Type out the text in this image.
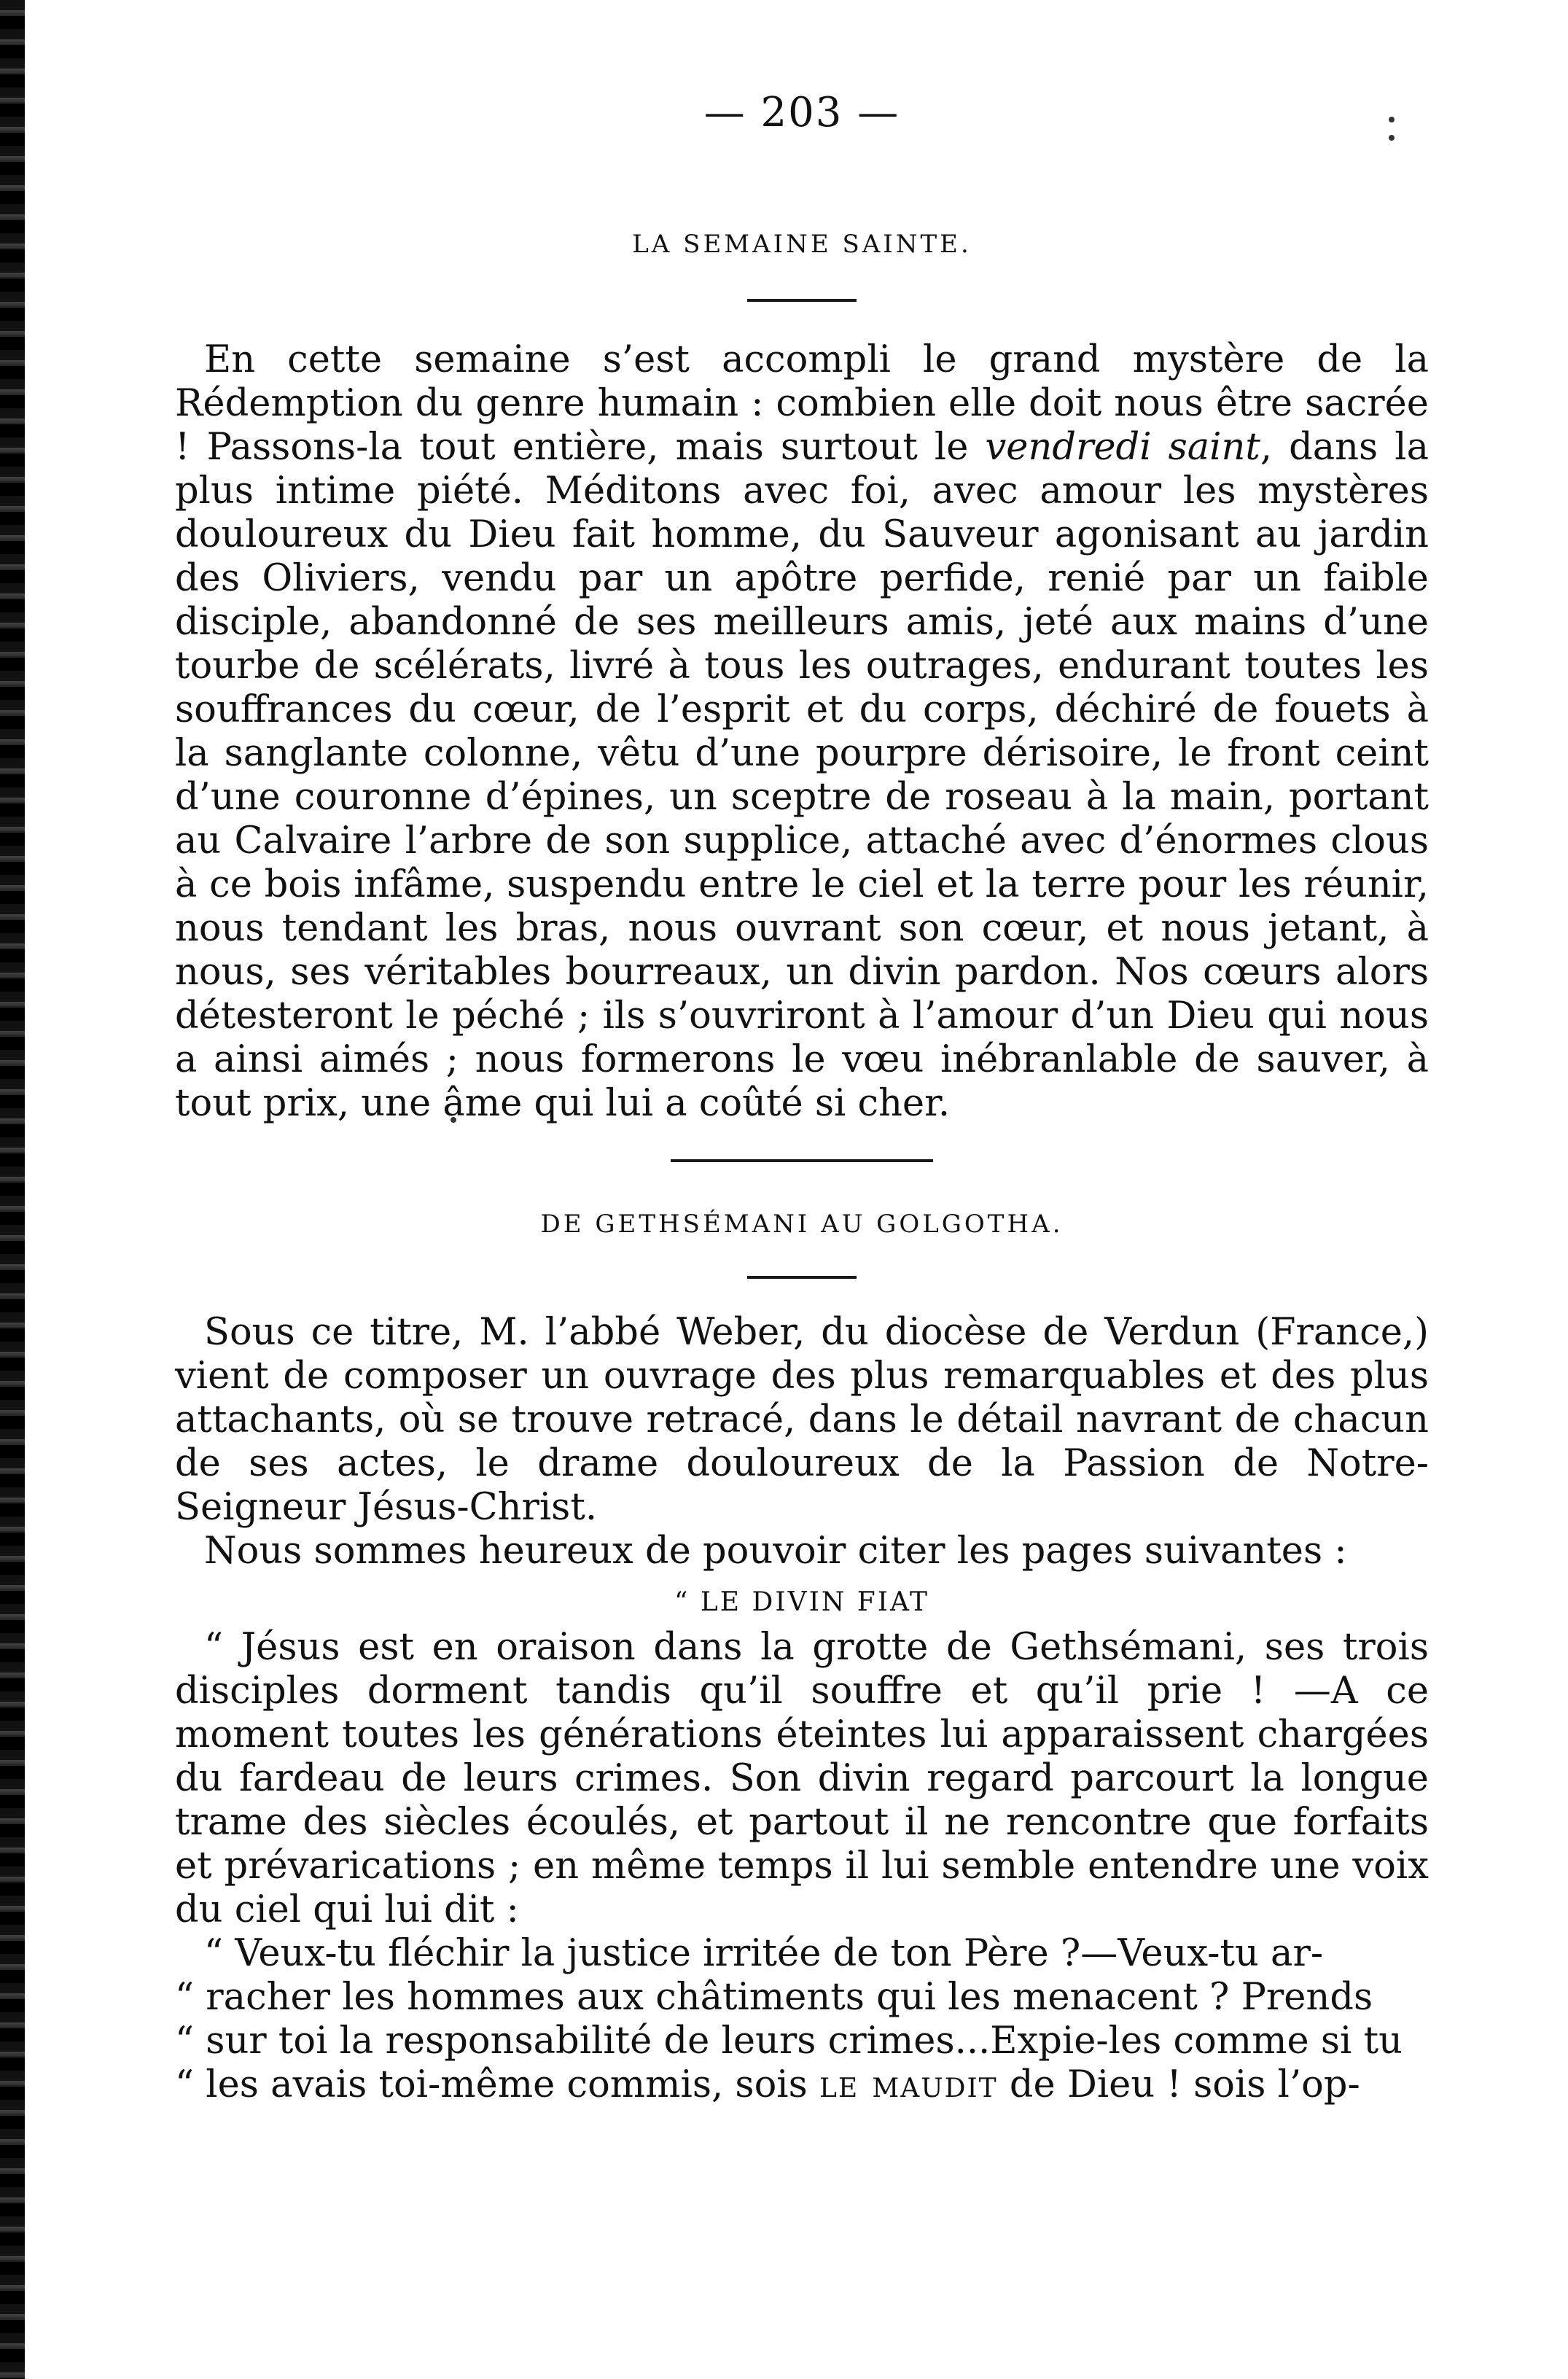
— 203 —

LA SEMAINE SAINTE.

En cette semaine s’est accompli le grand mystère de la Rédemption du genre humain : combien elle doit nous être sacrée ! Passons-la tout entière, mais surtout le vendredi saint, dans la plus intime piété. Méditons avec foi, avec amour les mystères douloureux du Dieu fait homme, du Sauveur agonisant au jardin des Oliviers, vendu par un apôtre perfide, renié par un faible disciple, abandonné de ses meilleurs amis, jeté aux mains d’une tourbe de scélérats, livré à tous les outrages, endurant toutes les souffrances du cœur, de l’esprit et du corps, déchiré de fouets à la sanglante colonne, vêtu d’une pourpre dérisoire, le front ceint d’une couronne d’épines, un sceptre de roseau à la main, portant au Calvaire l’arbre de son supplice, attaché avec d’énormes clous à ce bois infâme, suspendu entre le ciel et la terre pour les réunir, nous tendant les bras, nous ouvrant son cœur, et nous jetant, à nous, ses véritables bourreaux, un divin pardon. Nos cœurs alors détesteront le péché ; ils s’ouvriront à l’amour d’un Dieu qui nous a ainsi aimés ; nous formerons le vœu inébranlable de sauver, à tout prix, une âme qui lui a coûté si cher.

DE GETHSÉMANI AU GOLGOTHA.

Sous ce titre, M. l’abbé Weber, du diocèse de Verdun (France,) vient de composer un ouvrage des plus remarquables et des plus attachants, où se trouve retracé, dans le détail navrant de chacun de ses actes, le drame douloureux de la Passion de Notre-Seigneur Jésus-Christ.

Nous sommes heureux de pouvoir citer les pages suivantes :

“ LE DIVIN FIAT

“ Jésus est en oraison dans la grotte de Gethsémani, ses trois disciples dorment tandis qu’il souffre et qu’il prie ! —A ce moment toutes les générations éteintes lui apparaissent chargées du fardeau de leurs crimes. Son divin regard parcourt la longue trame des siècles écoulés, et partout il ne rencontre que forfaits et prévarications ; en même temps il lui semble entendre une voix du ciel qui lui dit :

“ Veux-tu fléchir la justice irritée de ton Père ?—Veux-tu ar-

“ racher les hommes aux châtiments qui les menacent ? Prends

“ sur toi la responsabilité de leurs crimes...Expie-les comme si tu

“ les avais toi-même commis, sois le maudit de Dieu ! sois l’op-
